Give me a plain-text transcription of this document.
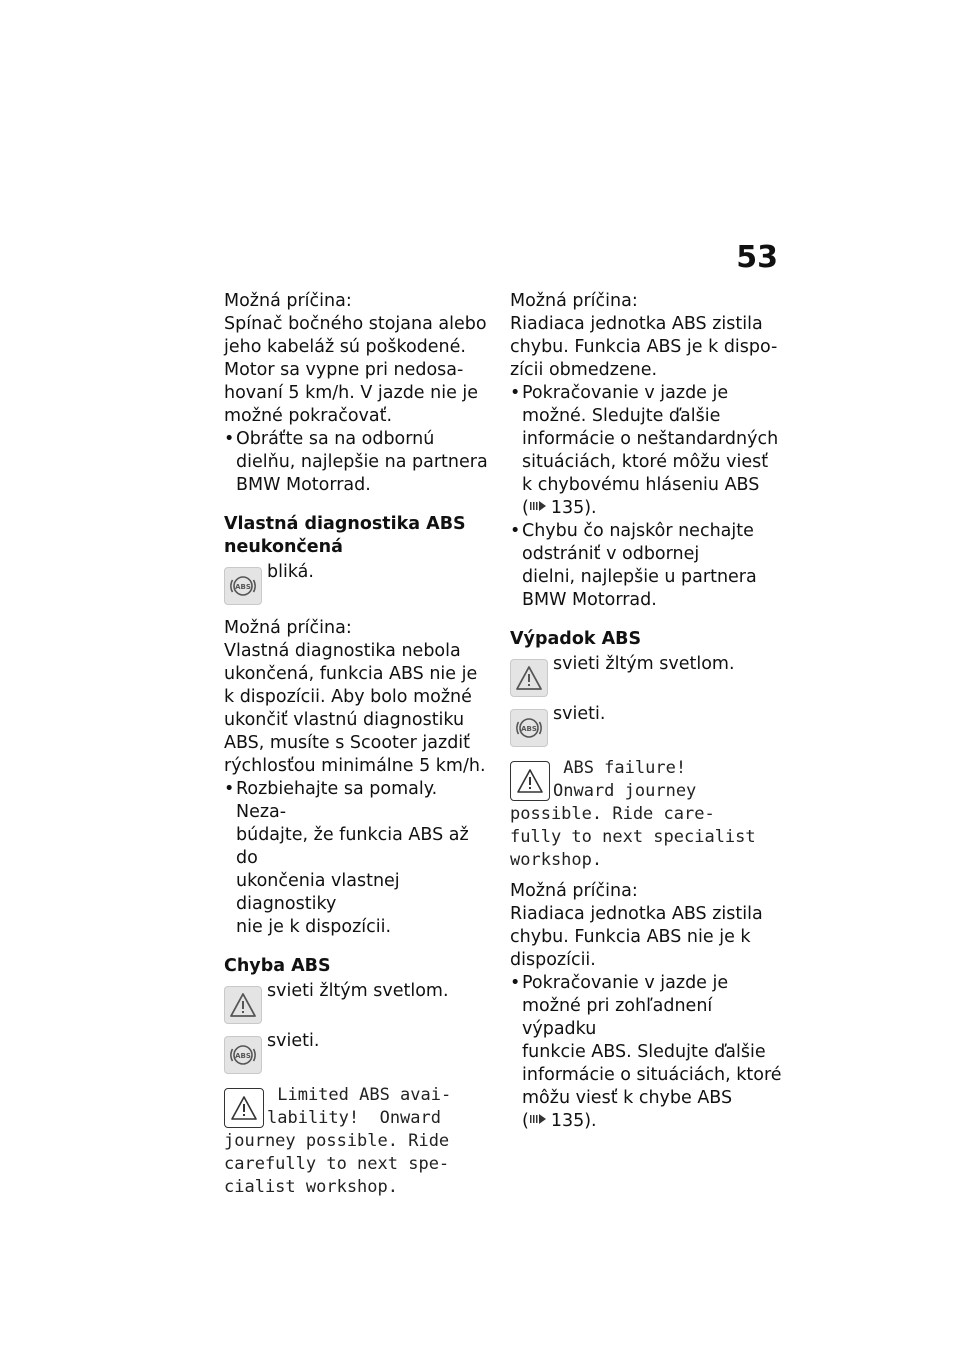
53
Možná príčina:
Spínač bočného stojana alebo
jeho kabeláž sú poškodené.
Motor sa vypne pri nedosa-
hovaní 5 km/h. V jazde nie je
možné pokračovať.
• Obráťte sa na odbornú
dielňu, najlepšie na partnera
BMW Motorrad.
Vlastná diagnostika ABS
neukončená
ABS
bliká.
Možná príčina:
Vlastná diagnostika nebola
ukončená, funkcia ABS nie je
k dispozícii. Aby bolo možné
ukončiť vlastnú diagnostiku
ABS, musíte s Scooter jazdiť
rýchlosťou minimálne 5 km/h.
• Rozbiehajte sa pomaly. Neza-
búdajte, že funkcia ABS až do
ukončenia vlastnej diagnostiky
nie je k dispozícii.
Chyba ABS
svieti žltým svetlom.
ABS
svieti.
Limited ABS avai-
lability!  Onward
journey possible. Ride
carefully to next spe-
cialist workshop.
Možná príčina:
Riadiaca jednotka ABS zistila
chybu. Funkcia ABS je k dispo-
zícii obmedzene.
• Pokračovanie v jazde je
možné. Sledujte ďalšie
informácie o neštandardných
situáciách, ktoré môžu viesť
k chybovému hláseniu ABS
( 135).
• Chybu čo najskôr nechajte
odstrániť v odbornej
dielni, najlepšie u partnera
BMW Motorrad.
Výpadok ABS
svieti žltým svetlom.
ABS
svieti.
ABS failure!
Onward journey
possible. Ride care-
fully to next specialist
workshop.
Možná príčina:
Riadiaca jednotka ABS zistila
chybu. Funkcia ABS nie je k
dispozícii.
• Pokračovanie v jazde je
možné pri zohľadnení výpadku
funkcie ABS. Sledujte ďalšie
informácie o situáciách, ktoré
môžu viesť k chybe ABS
( 135).
